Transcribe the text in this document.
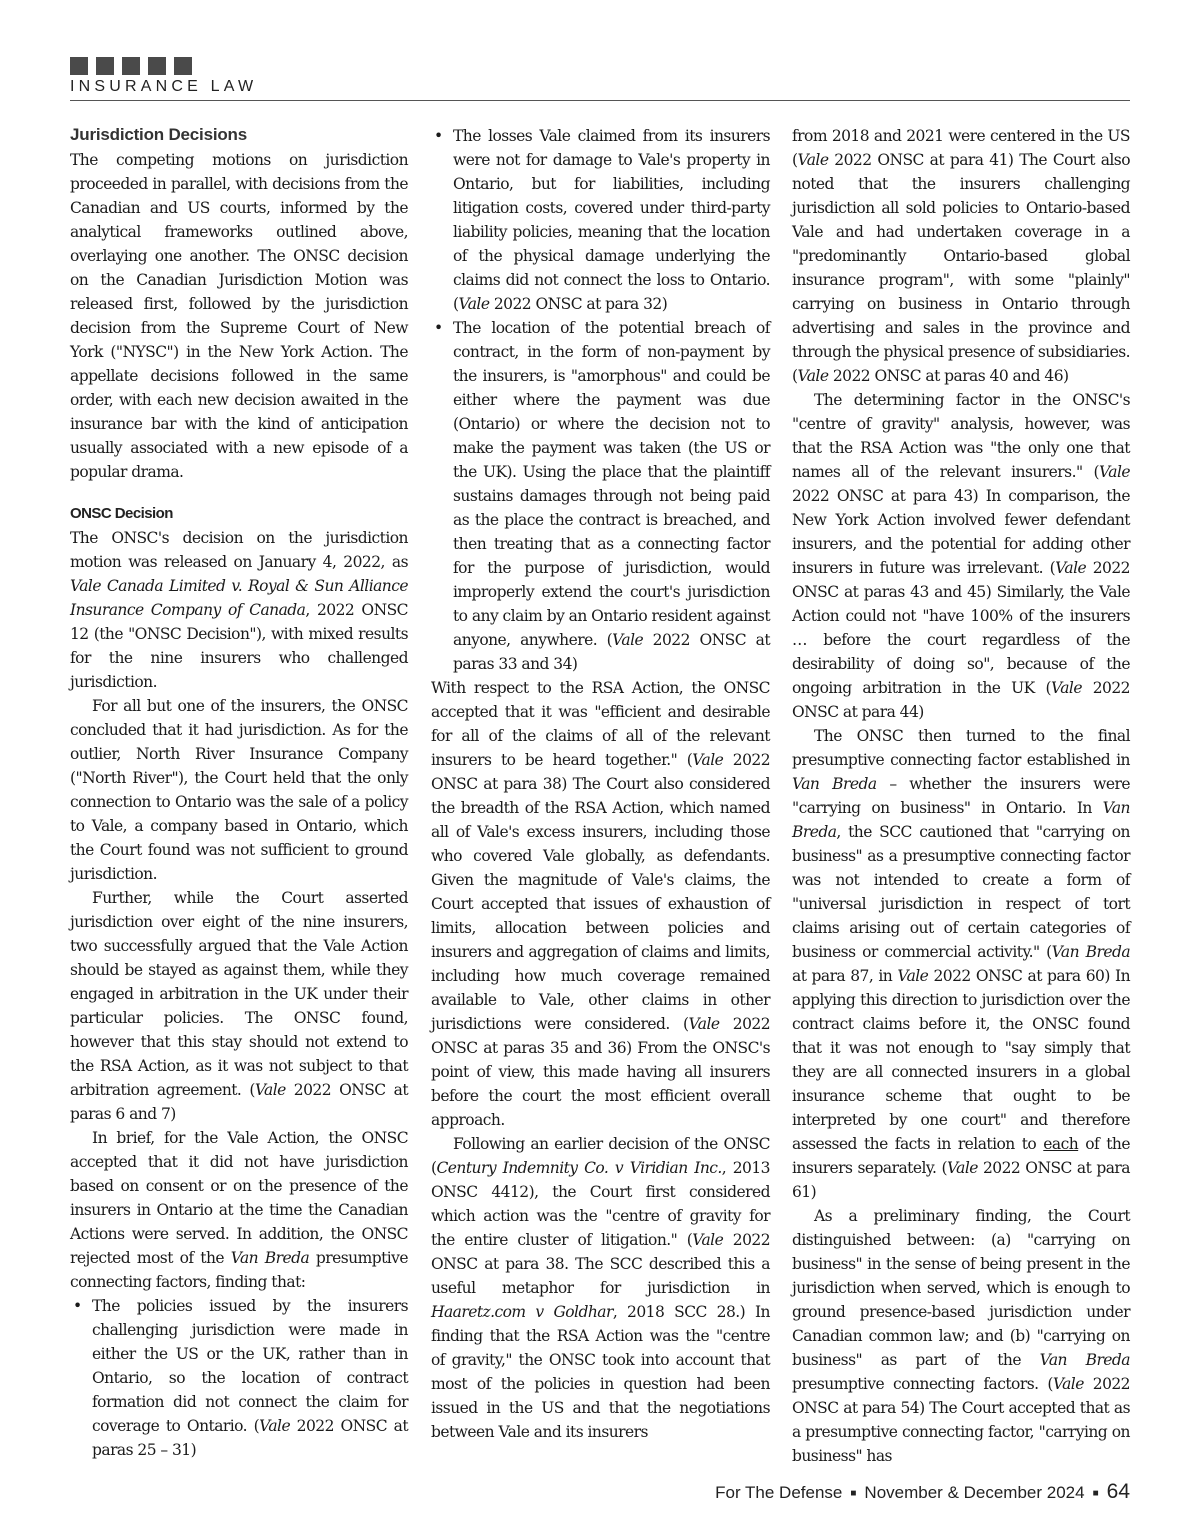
INSURANCE LAW
Jurisdiction Decisions

The competing motions on jurisdiction proceeded in parallel, with decisions from the Canadian and US courts, informed by the analytical frameworks outlined above, overlaying one another. The ONSC decision on the Canadian Jurisdiction Motion was released first, followed by the jurisdiction decision from the Supreme Court of New York ("NYSC") in the New York Action. The appellate decisions followed in the same order, with each new decision awaited in the insurance bar with the kind of anticipation usually associated with a new episode of a popular drama.

ONSC Decision

The ONSC's decision on the jurisdiction motion was released on January 4, 2022, as Vale Canada Limited v. Royal & Sun Alliance Insurance Company of Canada, 2022 ONSC 12 (the "ONSC Decision"), with mixed results for the nine insurers who challenged jurisdiction.

For all but one of the insurers, the ONSC concluded that it had jurisdiction. As for the outlier, North River Insurance Company ("North River"), the Court held that the only connection to Ontario was the sale of a policy to Vale, a company based in Ontario, which the Court found was not sufficient to ground jurisdiction.

Further, while the Court asserted jurisdiction over eight of the nine insurers, two successfully argued that the Vale Action should be stayed as against them, while they engaged in arbitration in the UK under their particular policies. The ONSC found, however that this stay should not extend to the RSA Action, as it was not subject to that arbitration agreement. (Vale 2022 ONSC at paras 6 and 7)

In brief, for the Vale Action, the ONSC accepted that it did not have jurisdiction based on consent or on the presence of the insurers in Ontario at the time the Canadian Actions were served. In addition, the ONSC rejected most of the Van Breda presumptive connecting factors, finding that:

• The policies issued by the insurers challenging jurisdiction were made in either the US or the UK, rather than in Ontario, so the location of contract formation did not connect the claim for coverage to Ontario. (Vale 2022 ONSC at paras 25 – 31)
• The losses Vale claimed from its insurers were not for damage to Vale's property in Ontario, but for liabilities, including litigation costs, covered under third-party liability policies, meaning that the location of the physical damage underlying the claims did not connect the loss to Ontario. (Vale 2022 ONSC at para 32)
• The location of the potential breach of contract, in the form of non-payment by the insurers, is "amorphous" and could be either where the payment was due (Ontario) or where the decision not to make the payment was taken (the US or the UK). Using the place that the plaintiff sustains damages through not being paid as the place the contract is breached, and then treating that as a connecting factor for the purpose of jurisdiction, would improperly extend the court's jurisdiction to any claim by an Ontario resident against anyone, anywhere. (Vale 2022 ONSC at paras 33 and 34)

With respect to the RSA Action, the ONSC accepted that it was "efficient and desirable for all of the claims of all of the relevant insurers to be heard together." (Vale 2022 ONSC at para 38) The Court also considered the breadth of the RSA Action, which named all of Vale's excess insurers, including those who covered Vale globally, as defendants. Given the magnitude of Vale's claims, the Court accepted that issues of exhaustion of limits, allocation between policies and insurers and aggregation of claims and limits, including how much coverage remained available to Vale, other claims in other jurisdictions were considered. (Vale 2022 ONSC at paras 35 and 36) From the ONSC's point of view, this made having all insurers before the court the most efficient overall approach.

Following an earlier decision of the ONSC (Century Indemnity Co. v Viridian Inc., 2013 ONSC 4412), the Court first considered which action was the "centre of gravity for the entire cluster of litigation." (Vale 2022 ONSC at para 38. The SCC described this a useful metaphor for jurisdiction in Haaretz.com v Goldhar, 2018 SCC 28.) In finding that the RSA Action was the "centre of gravity," the ONSC took into account that most of the policies in question had been issued in the US and that the negotiations between Vale and its insurers

from 2018 and 2021 were centered in the US (Vale 2022 ONSC at para 41) The Court also noted that the insurers challenging jurisdiction all sold policies to Ontario-based Vale and had undertaken coverage in a "predominantly Ontario-based global insurance program", with some "plainly" carrying on business in Ontario through advertising and sales in the province and through the physical presence of subsidiaries. (Vale 2022 ONSC at paras 40 and 46)

The determining factor in the ONSC's "centre of gravity" analysis, however, was that the RSA Action was "the only one that names all of the relevant insurers." (Vale 2022 ONSC at para 43) In comparison, the New York Action involved fewer defendant insurers, and the potential for adding other insurers in future was irrelevant. (Vale 2022 ONSC at paras 43 and 45) Similarly, the Vale Action could not "have 100% of the insurers … before the court regardless of the desirability of doing so", because of the ongoing arbitration in the UK (Vale 2022 ONSC at para 44)

The ONSC then turned to the final presumptive connecting factor established in Van Breda – whether the insurers were "carrying on business" in Ontario. In Van Breda, the SCC cautioned that "carrying on business" as a presumptive connecting factor was not intended to create a form of "universal jurisdiction in respect of tort claims arising out of certain categories of business or commercial activity." (Van Breda at para 87, in Vale 2022 ONSC at para 60) In applying this direction to jurisdiction over the contract claims before it, the ONSC found that it was not enough to "say simply that they are all connected insurers in a global insurance scheme that ought to be interpreted by one court" and therefore assessed the facts in relation to each of the insurers separately. (Vale 2022 ONSC at para 61)

As a preliminary finding, the Court distinguished between: (a) "carrying on business" in the sense of being present in the jurisdiction when served, which is enough to ground presence-based jurisdiction under Canadian common law; and (b) "carrying on business" as part of the Van Breda presumptive connecting factors. (Vale 2022 ONSC at para 54) The Court accepted that as a presumptive connecting factor, "carrying on business" has

For The Defense ■ November & December 2024 ■ 64
